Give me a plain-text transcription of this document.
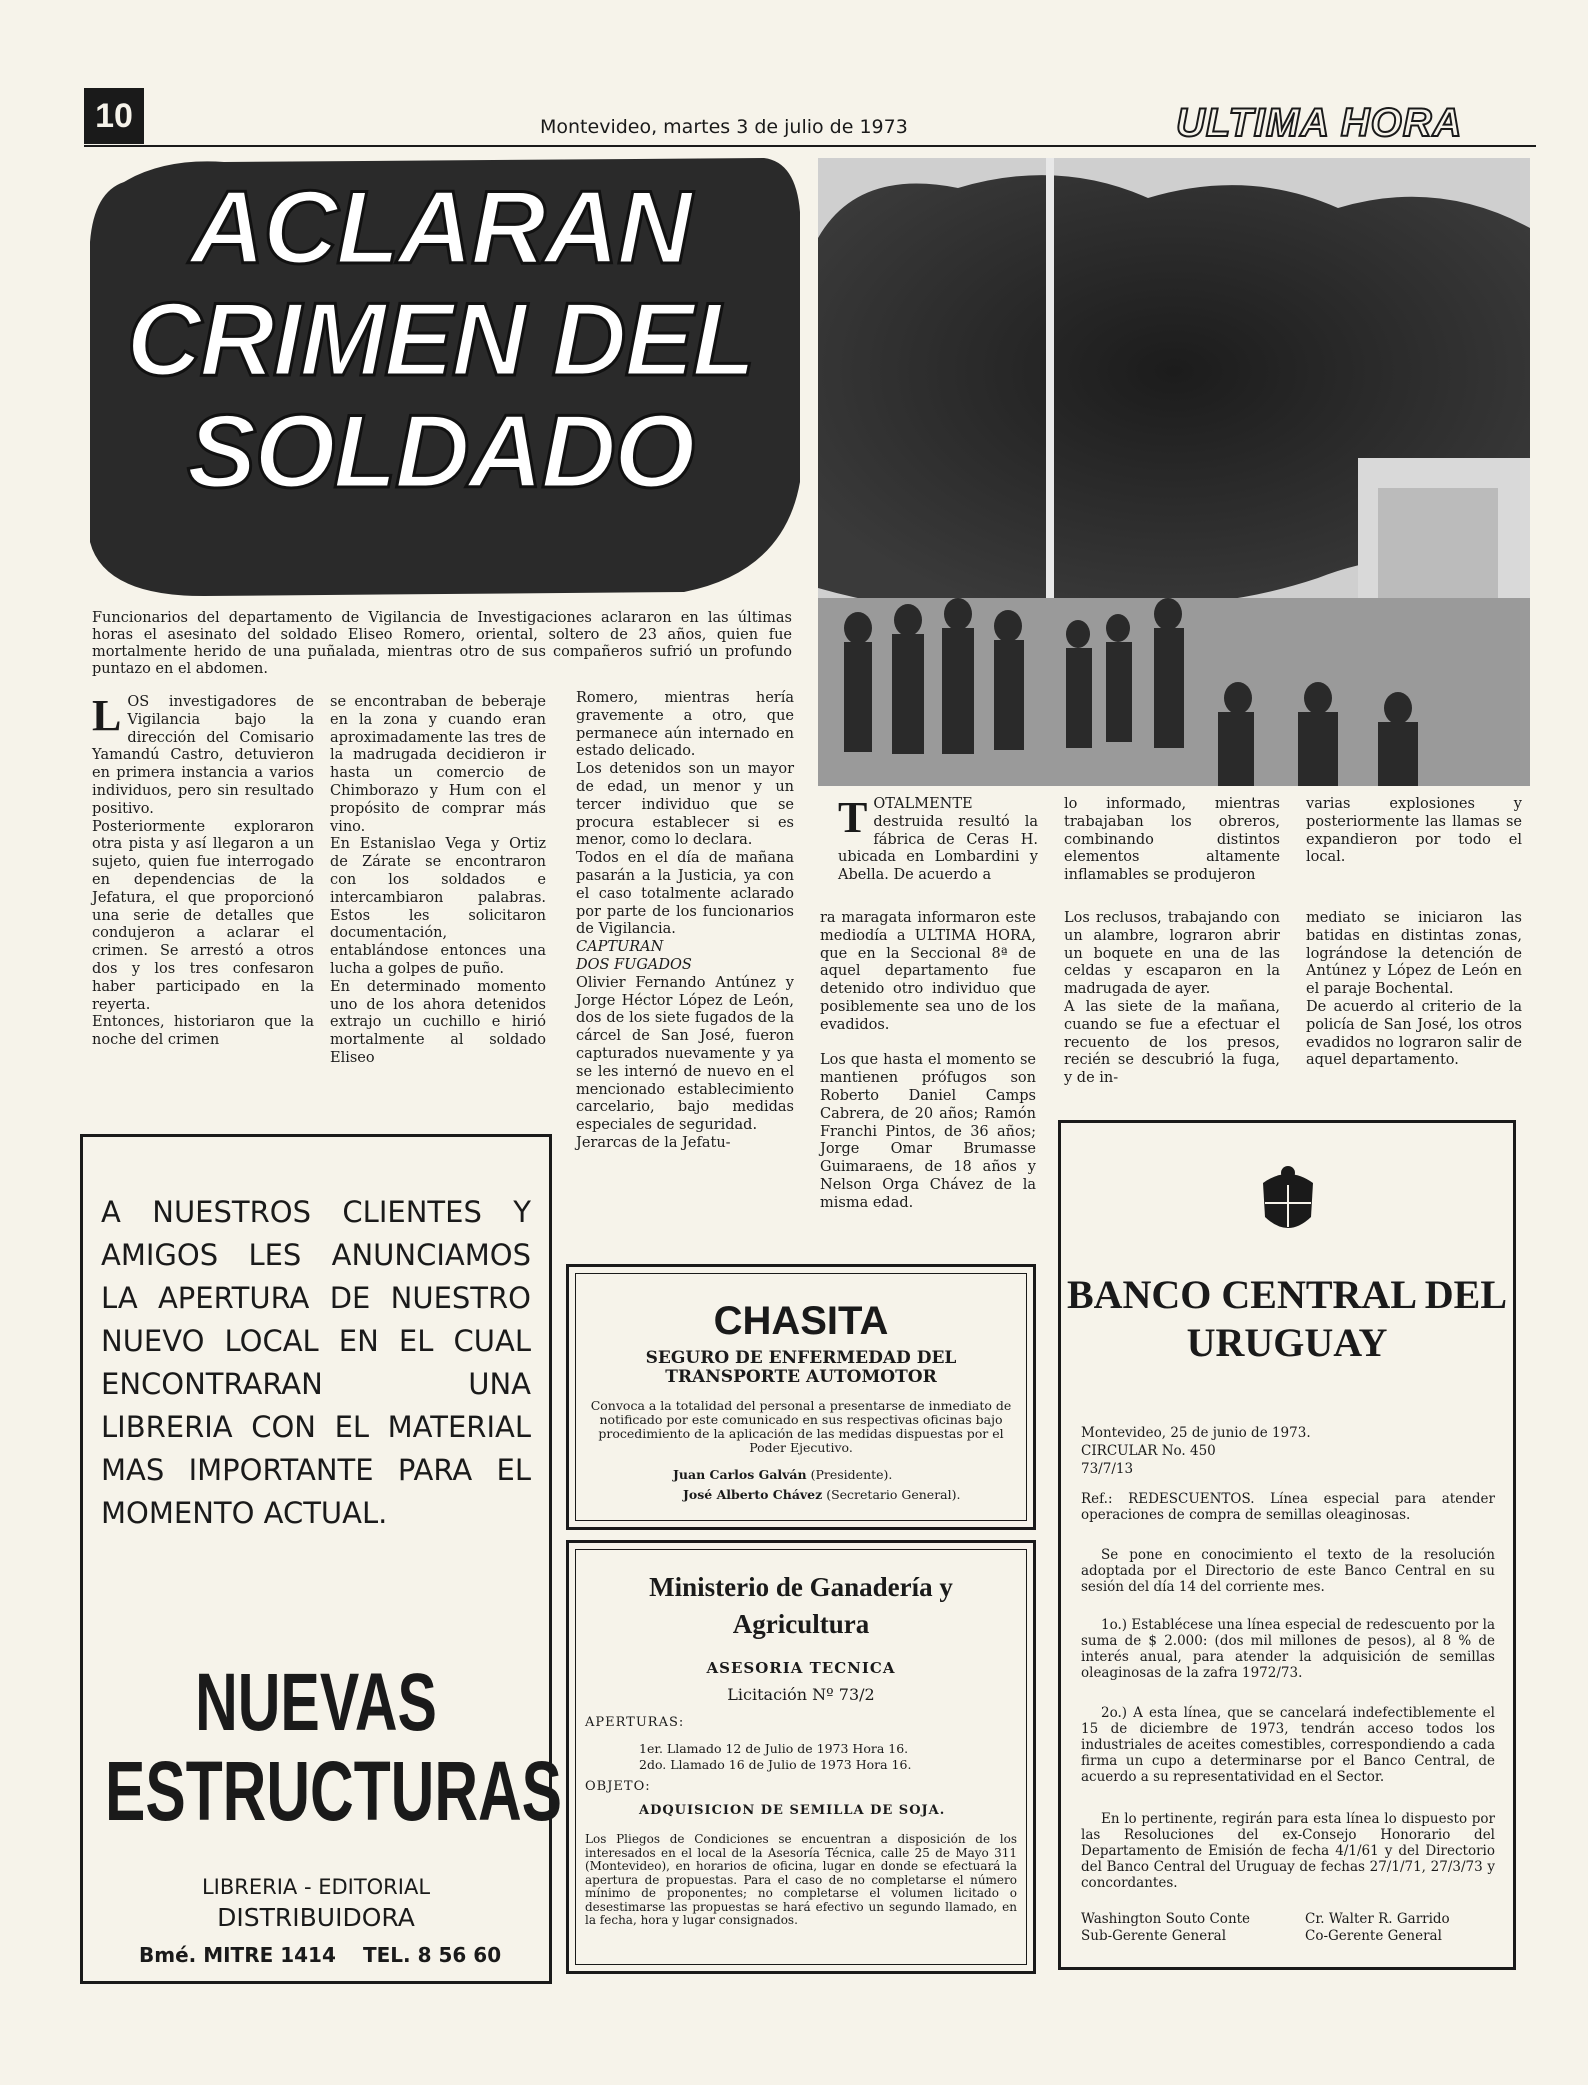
10	Montevideo, martes 3 de julio de 1973	ULTIMA HORA
ACLARAN
CRIMEN DEL
SOLDADO
Funcionarios del departamento de Vigilancia de Investigaciones aclararon en las últimas horas el asesinato del soldado Eliseo Romero, oriental, soltero de 23 años, quien fue mortalmente herido de una puñalada, mientras otro de sus compañeros sufrió un profundo puntazo en el abdomen.
LOS investigadores de Vigilancia bajo la dirección del Comisario Yamandú Castro, detuvieron en primera instancia a varios individuos, pero sin resultado positivo.
Posteriormente exploraron otra pista y así llegaron a un sujeto, quien fue interrogado en dependencias de la Jefatura, el que proporcionó una serie de detalles que condujeron a aclarar el crimen. Se arrestó a otros dos y los tres confesaron haber participado en la reyerta.
Entonces, historiaron que la noche del crimen
se encontraban de beberaje en la zona y cuando eran aproximadamente las tres de la madrugada decidieron ir hasta un comercio de Chimborazo y Hum con el propósito de comprar más vino.
En Estanislao Vega y Ortiz de Zárate se encontraron con los soldados e intercambiaron palabras. Estos les solicitaron documentación, entablándose entonces una lucha a golpes de puño.
En determinado momento uno de los ahora detenidos extrajo un cuchillo e hirió mortalmente al soldado Eliseo
Romero, mientras hería gravemente a otro, que permanece aún internado en estado delicado.
Los detenidos son un mayor de edad, un menor y un tercer individuo que se procura establecer si es menor, como lo declara.
Todos en el día de mañana pasarán a la Justicia, ya con el caso totalmente aclarado por parte de los funcionarios de Vigilancia.
CAPTURAN
DOS FUGADOS
Olivier Fernando Antúnez y Jorge Héctor López de León, dos de los siete fugados de la cárcel de San José, fueron capturados nuevamente y ya se les internó de nuevo en el mencionado establecimiento carcelario, bajo medidas especiales de seguridad.
Jerarcas de la Jefatu-
TOTALMENTE destruida resultó la fábrica de Ceras H. ubicada en Lombardini y Abella. De acuerdo a
lo informado, mientras trabajaban los obreros, combinando distintos elementos altamente inflamables se produjeron
varias explosiones y posteriormente las llamas se expandieron por todo el local.
ra maragata informaron este mediodía a ULTIMA HORA, que en la Seccional 8ª de aquel departamento fue detenido otro individuo que posiblemente sea uno de los evadidos.

Los que hasta el momento se mantienen prófugos son Roberto Daniel Camps Cabrera, de 20 años; Ramón Franchi Pintos, de 36 años; Jorge Omar Brumasse Guimaraens, de 18 años y Nelson Orga Chávez de la misma edad.
Los reclusos, trabajando con un alambre, lograron abrir un boquete en una de las celdas y escaparon en la madrugada de ayer.
A las siete de la mañana, cuando se fue a efectuar el recuento de los presos, recién se descubrió la fuga, y de in-
mediato se iniciaron las batidas en distintas zonas, lográndose la detención de Antúnez y López de León en el paraje Bochental.
De acuerdo al criterio de la policía de San José, los otros evadidos no lograron salir de aquel departamento.
A NUESTROS CLIENTES Y AMIGOS LES ANUNCIAMOS LA APERTURA DE NUESTRO NUEVO LOCAL EN EL CUAL ENCONTRARAN UNA LIBRERIA CON EL MATERIAL MAS IMPORTANTE PARA EL MOMENTO ACTUAL.
NUEVAS
ESTRUCTURAS
LIBRERIA - EDITORIAL
DISTRIBUIDORA
Bmé. MITRE 1414 TEL. 8 56 60
CHASITA
SEGURO DE ENFERMEDAD DEL TRANSPORTE AUTOMOTOR
Convoca a la totalidad del personal a presentarse de inmediato de notificado por este comunicado en sus respectivas oficinas bajo procedimiento de la aplicación de las medidas dispuestas por el Poder Ejecutivo.
Juan Carlos Galván (Presidente).
José Alberto Chávez (Secretario General).
Ministerio de Ganadería y Agricultura
ASESORIA TECNICA
Licitación Nº 73/2
APERTURAS:
1er. Llamado 12 de Julio de 1973 Hora 16.
2do. Llamado 16 de Julio de 1973 Hora 16.
OBJETO:
ADQUISICION DE SEMILLA DE SOJA.
Los Pliegos de Condiciones se encuentran a disposición de los interesados en el local de la Asesoría Técnica, calle 25 de Mayo 311 (Montevideo), en horarios de oficina, lugar en donde se efectuará la apertura de propuestas. Para el caso de no completarse el número mínimo de proponentes; no completarse el volumen licitado o desestimarse las propuestas se hará efectivo un segundo llamado, en la fecha, hora y lugar consignados.
BANCO CENTRAL DEL URUGUAY
Montevideo, 25 de junio de 1973.
CIRCULAR No. 450
73/7/13
Ref.: REDESCUENTOS. Línea especial para atender operaciones de compra de semillas oleaginosas.
Se pone en conocimiento el texto de la resolución adoptada por el Directorio de este Banco Central en su sesión del día 14 del corriente mes.
1o.) Establécese una línea especial de redescuento por la suma de $ 2.000: (dos mil millones de pesos), al 8 % de interés anual, para atender la adquisición de semillas oleaginosas de la zafra 1972/73.
2o.) A esta línea, que se cancelará indefectiblemente el 15 de diciembre de 1973, tendrán acceso todos los industriales de aceites comestibles, correspondiendo a cada firma un cupo a determinarse por el Banco Central, de acuerdo a su representatividad en el Sector.
En lo pertinente, regirán para esta línea lo dispuesto por las Resoluciones del ex-Consejo Honorario del Departamento de Emisión de fecha 4/1/61 y del Directorio del Banco Central del Uruguay de fechas 27/1/71, 27/3/73 y concordantes.
Washington Souto Conte
Sub-Gerente General
Cr. Walter R. Garrido
Co-Gerente General
